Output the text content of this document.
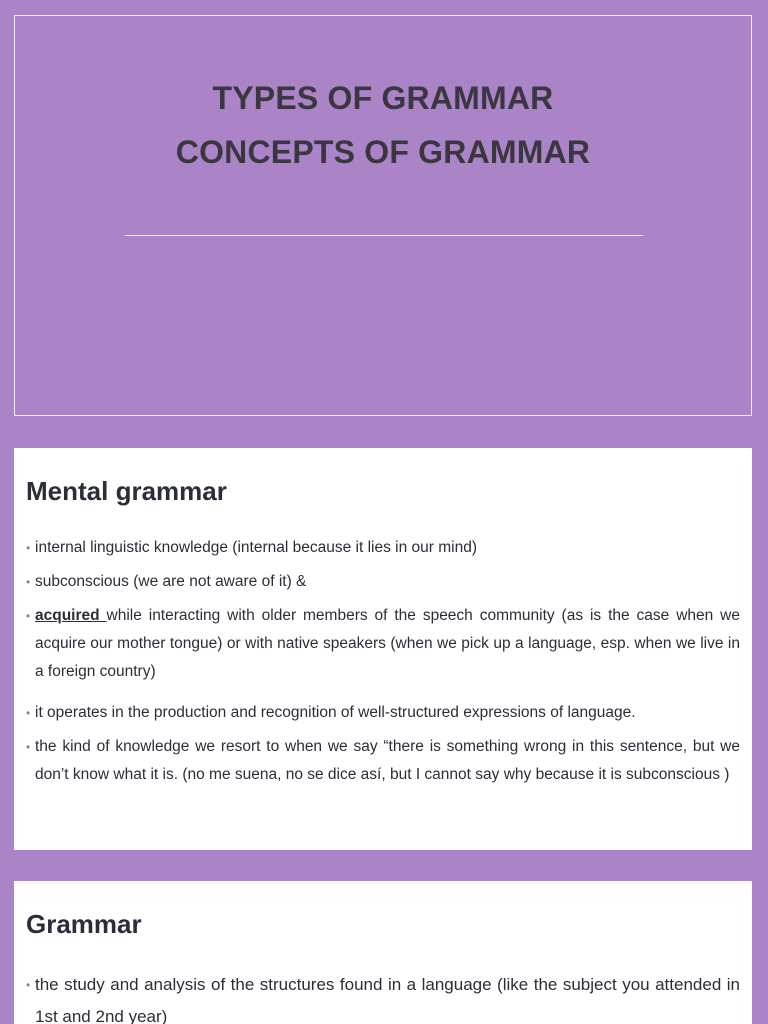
TYPES OF GRAMMAR
CONCEPTS OF GRAMMAR
Mental grammar
• internal linguistic knowledge (internal because it lies in our mind)
• subconscious (we are not aware of it) &
• acquired while interacting with older members of the speech community (as is the case when we acquire our mother tongue) or with native speakers (when we pick up a language, esp. when we live in a foreign country)
• it operates in the production and recognition of well-structured expressions of language.
• the kind of knowledge we resort to when we say “there is something wrong in this sentence, but we don’t know what it is. (no me suena, no se dice así, but I cannot say why because it is subconscious )
Grammar
• the study and analysis of the structures found in a language (like the subject you attended in 1st and 2nd year)
